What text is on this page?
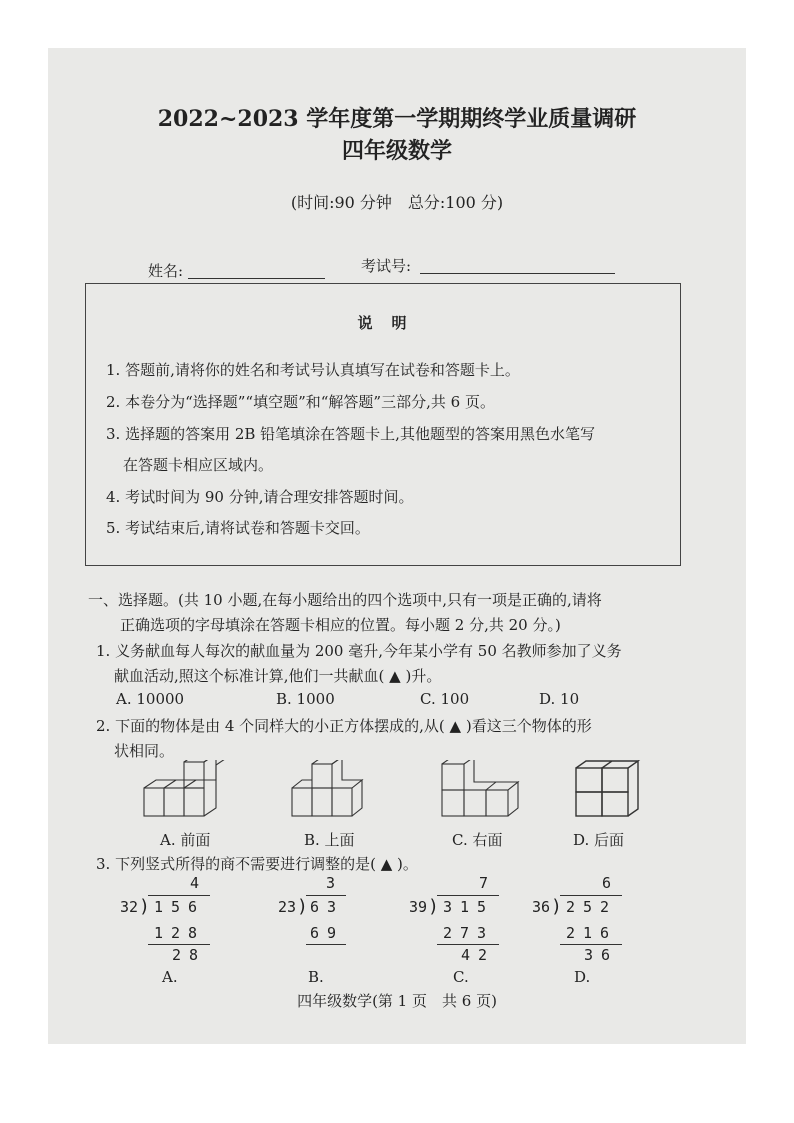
2022~2023 学年度第一学期期终学业质量调研
四年级数学
(时间:90 分钟　总分:100 分)
姓名:	考试号:
说　明
1. 答题前,请将你的姓名和考试号认真填写在试卷和答题卡上。
2. 本卷分为“选择题”“填空题”和“解答题”三部分,共 6 页。
3. 选择题的答案用 2B 铅笔填涂在答题卡上,其他题型的答案用黑色水笔写
在答题卡相应区域内。
4. 考试时间为 90 分钟,请合理安排答题时间。
5. 考试结束后,请将试卷和答题卡交回。
一、选择题。(共 10 小题,在每小题给出的四个选项中,只有一项是正确的,请将
正确选项的字母填涂在答题卡相应的位置。每小题 2 分,共 20 分。)
1. 义务献血每人每次的献血量为 200 毫升,今年某小学有 50 名教师参加了义务
献血活动,照这个标准计算,他们一共献血( ▲ )升。
A. 10000	B. 1000	C. 100	D. 10
2. 下面的物体是由 4 个同样大的小正方体摆成的,从( ▲ )看这三个物体的形
状相同。
A. 前面	B. 上面	C. 右面	D. 后面
3. 下列竖式所得的商不需要进行调整的是( ▲ )。
4
32 ) 156
128
28
A.
3
23 ) 63
69
B.
7
39 ) 315
273
42
C.
6
36 ) 252
216
36
D.
四年级数学(第 1 页　共 6 页)
